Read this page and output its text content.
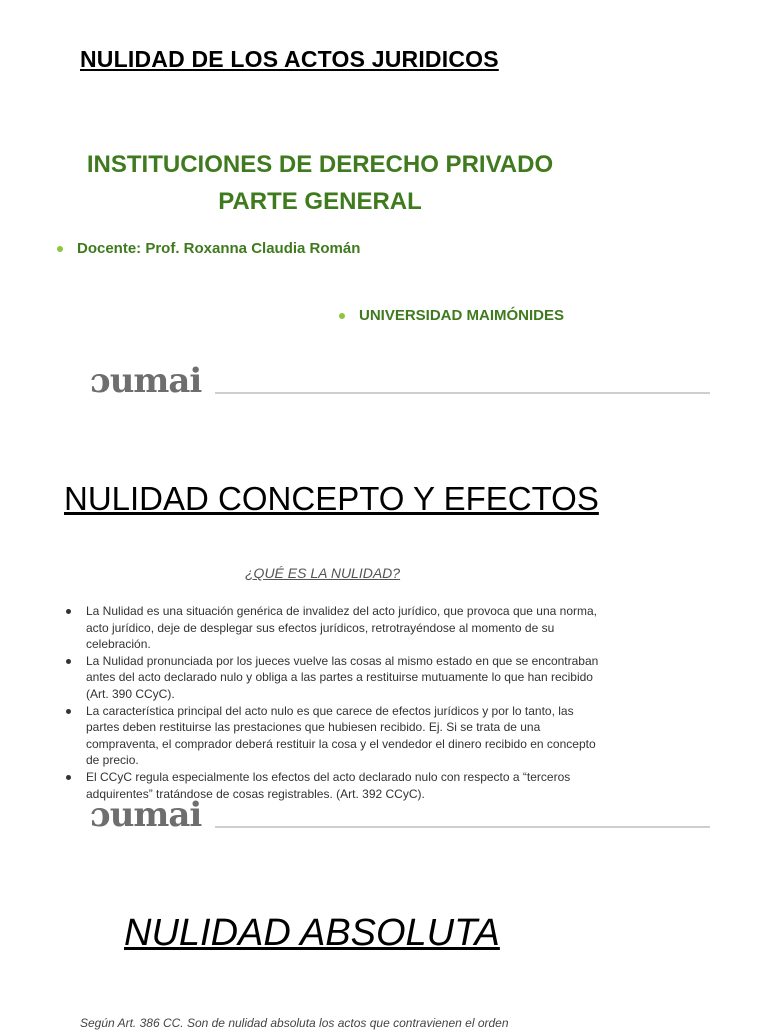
NULIDAD DE LOS ACTOS JURIDICOS
INSTITUCIONES DE DERECHO PRIVADO
PARTE GENERAL
Docente: Prof. Roxanna Claudia Román
UNIVERSIDAD MAIMÓNIDES
ɔumai
NULIDAD CONCEPTO Y EFECTOS
¿QUÉ ES LA NULIDAD?
La Nulidad es una situación genérica de invalidez del acto jurídico, que provoca que una norma, acto jurídico, deje de desplegar sus efectos jurídicos, retrotrayéndose al momento de su celebración.
La Nulidad pronunciada por los jueces vuelve las cosas al mismo estado en que se encontraban antes del acto declarado nulo y obliga a las partes a restituirse mutuamente lo que han recibido (Art. 390 CCyC).
La característica principal del acto nulo es que carece de efectos jurídicos y por lo tanto, las partes deben restituirse las prestaciones que hubiesen recibido. Ej. Si se trata de una compraventa, el comprador deberá restituir la cosa y el vendedor el dinero recibido en concepto de precio.
El CCyC regula especialmente los efectos del acto declarado nulo con respecto a “terceros adquirentes” tratándose de cosas registrables. (Art. 392 CCyC).
ɔumai
NULIDAD ABSOLUTA
Según Art. 386 CC. Son de nulidad absoluta los actos que contravienen el orden
